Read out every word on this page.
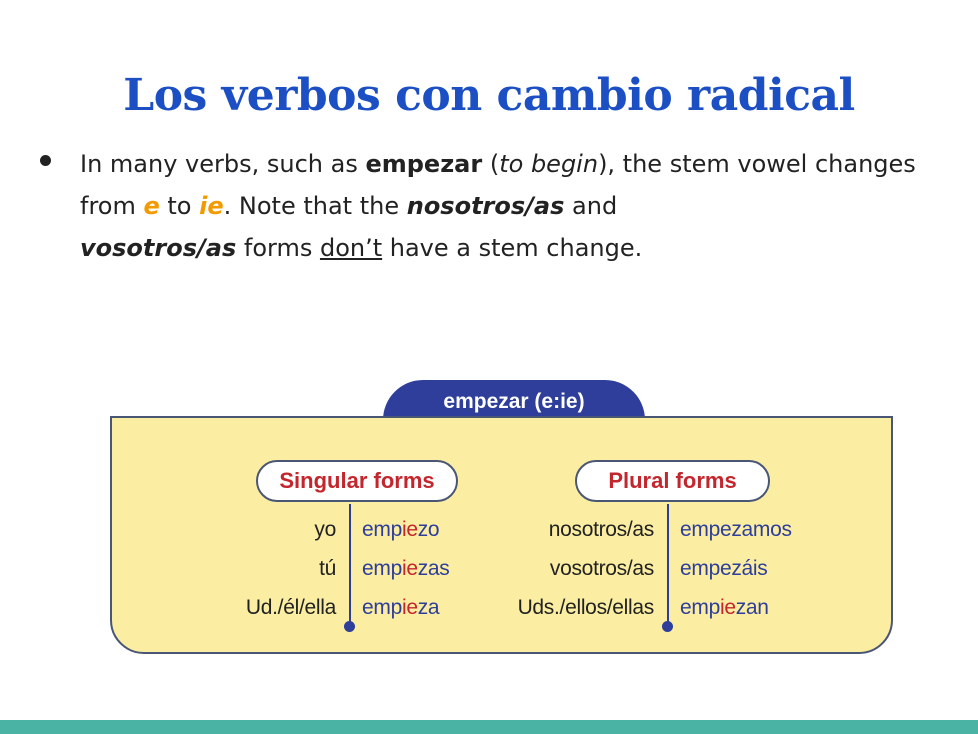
Los verbos con cambio radical
In many verbs, such as empezar (to begin), the stem vowel changes from e to ie. Note that the nosotros/as and
vosotros/as forms don’t have a stem change.
empezar (e:ie)
Singular forms	Plural forms
yo
tú
Ud./él/ella
empiezo
empiezas
empieza
nosotros/as
vosotros/as
Uds./ellos/ellas
empezamos
empezáis
empiezan
